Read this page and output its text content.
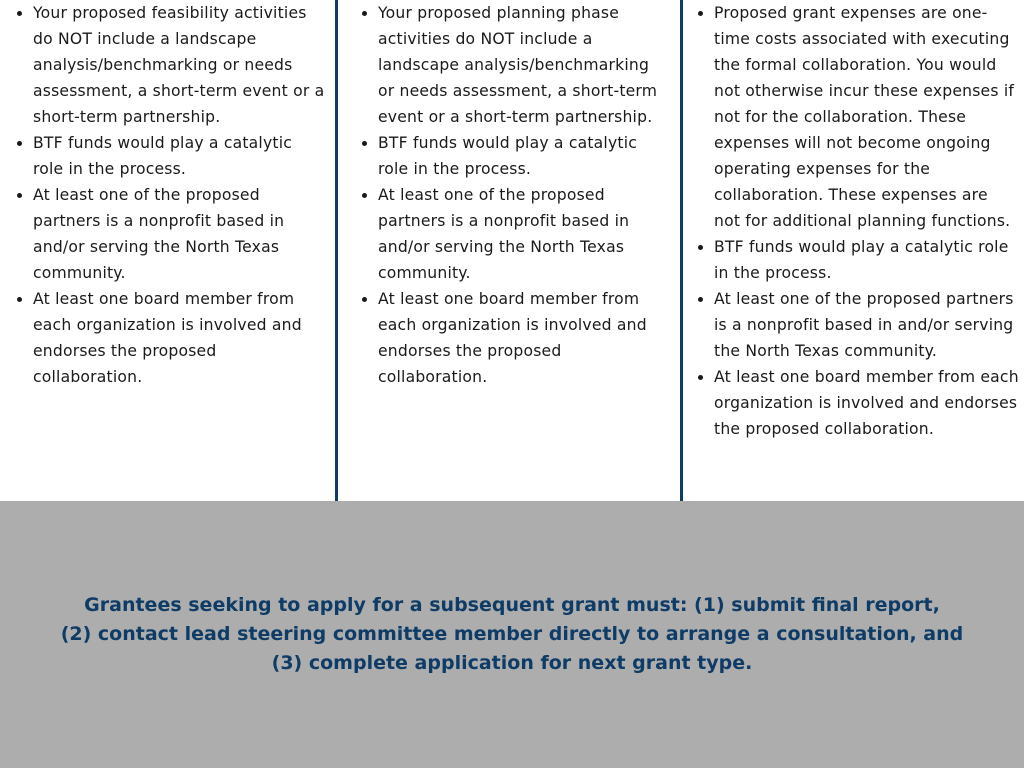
Your proposed feasibility activities do NOT include a landscape analysis/benchmarking or needs assessment, a short-term event or a short-term partnership.
BTF funds would play a catalytic role in the process.
At least one of the proposed partners is a nonprofit based in and/or serving the North Texas community.
At least one board member from each organization is involved and endorses the proposed collaboration.
Your proposed planning phase activities do NOT include a landscape analysis/benchmarking or needs assessment, a short-term event or a short-term partnership.
BTF funds would play a catalytic role in the process.
At least one of the proposed partners is a nonprofit based in and/or serving the North Texas community.
At least one board member from each organization is involved and endorses the proposed collaboration.
Proposed grant expenses are one-time costs associated with executing the formal collaboration. You would not otherwise incur these expenses if not for the collaboration. These expenses will not become ongoing operating expenses for the collaboration. These expenses are not for additional planning functions.
BTF funds would play a catalytic role in the process.
At least one of the proposed partners is a nonprofit based in and/or serving the North Texas community.
At least one board member from each organization is involved and endorses the proposed collaboration.

Grantees seeking to apply for a subsequent grant must: (1) submit final report,
(2) contact lead steering committee member directly to arrange a consultation, and
(3) complete application for next grant type.
